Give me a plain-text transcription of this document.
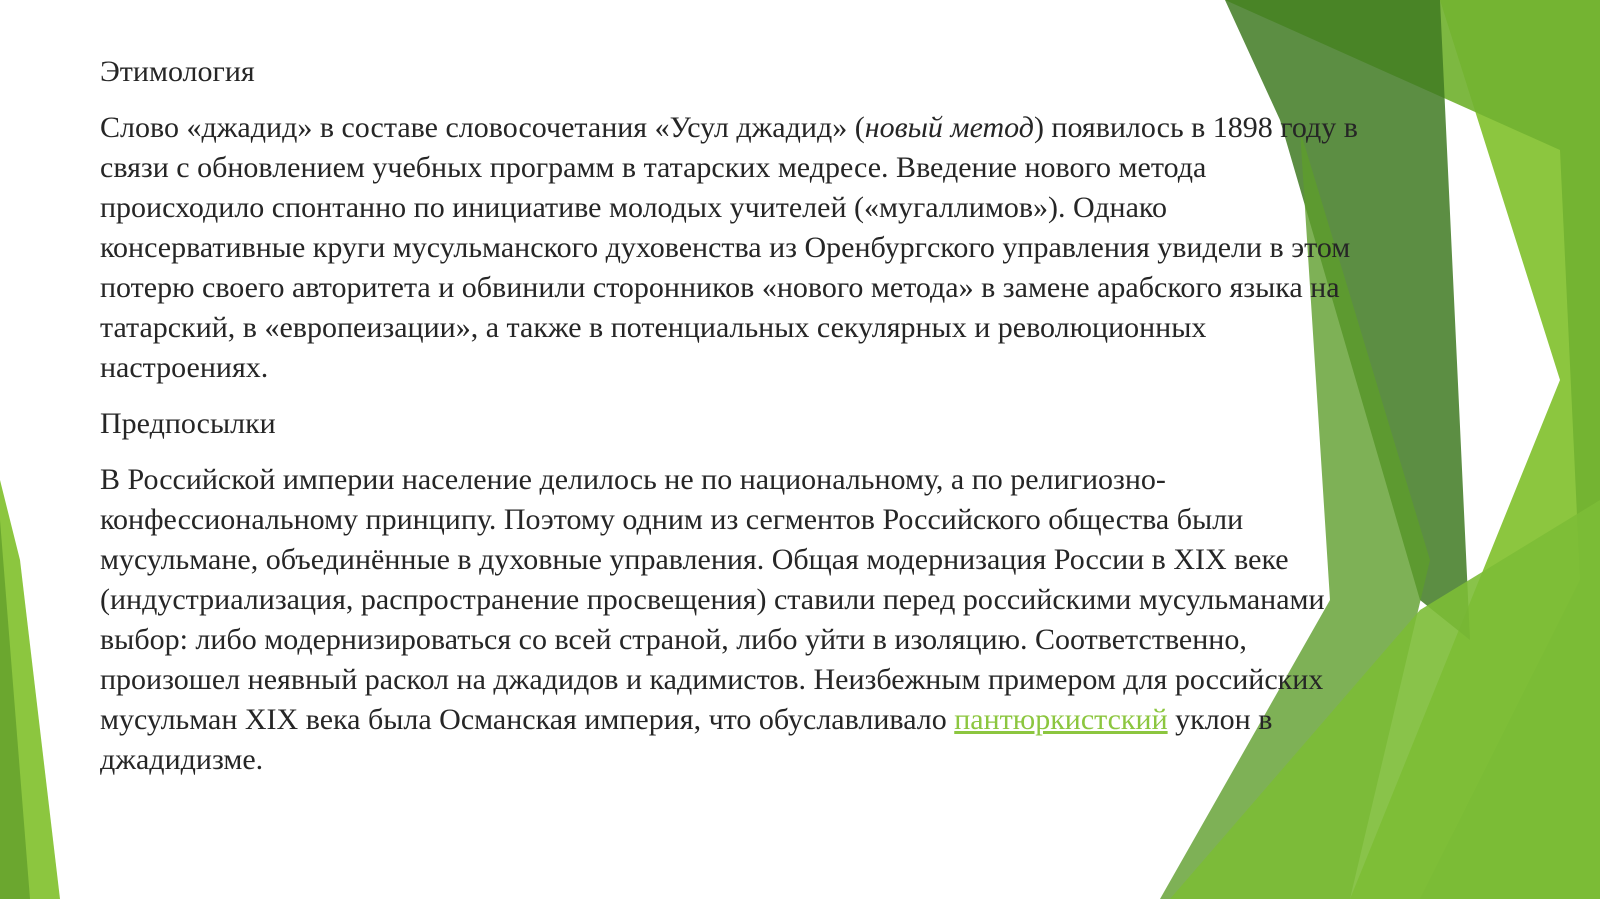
Этимология

Слово «джадид» в составе словосочетания «Усул джадид» (новый метод) появилось в 1898 году в связи с обновлением учебных программ в татарских медресе. Введение нового метода происходило спонтанно по инициативе молодых учителей («мугаллимов»). Однако консервативные круги мусульманского духовенства из Оренбургского управления увидели в этом потерю своего авторитета и обвинили сторонников «нового метода» в замене арабского языка на татарский, в «европеизации», а также в потенциальных секулярных и революционных настроениях.

Предпосылки

В Российской империи население делилось не по национальному, а по религиозно-конфессиональному принципу. Поэтому одним из сегментов Российского общества были мусульмане, объединённые в духовные управления. Общая модернизация России в XIX веке (индустриализация, распространение просвещения) ставили перед российскими мусульманами выбор: либо модернизироваться со всей страной, либо уйти в изоляцию. Соответственно, произошел неявный раскол на джадидов и кадимистов. Неизбежным примером для российских мусульман XIX века была Османская империя, что обуславливало пантюркистский уклон в джадидизме.
